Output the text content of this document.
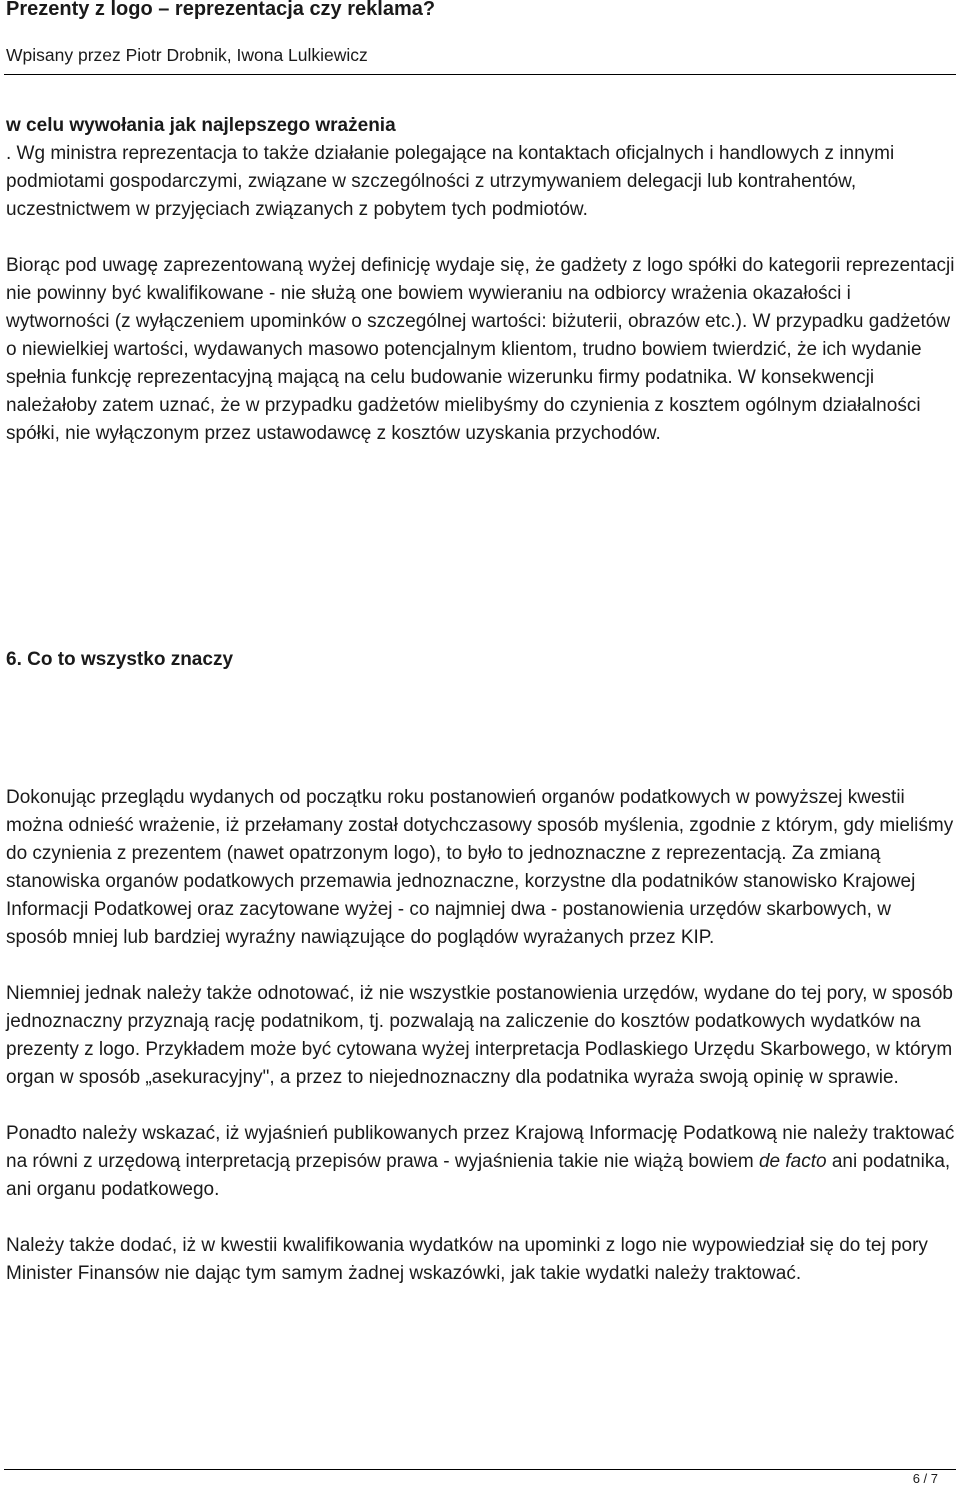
Prezenty z logo – reprezentacja czy reklama?
Wpisany przez Piotr Drobnik, Iwona Lulkiewicz

w celu wywołania jak najlepszego wrażenia

. Wg ministra reprezentacja to także działanie polegające na kontaktach oficjalnych i handlowych z innymi podmiotami gospodarczymi, związane w szczególności z utrzymywaniem delegacji lub kontrahentów, uczestnictwem w przyjęciach związanych z pobytem tych podmiotów.

Biorąc pod uwagę zaprezentowaną wyżej definicję wydaje się, że gadżety z logo spółki do kategorii reprezentacji nie powinny być kwalifikowane - nie służą one bowiem wywieraniu na odbiorcy wrażenia okazałości i wytworności (z wyłączeniem upominków o szczególnej wartości: biżuterii, obrazów etc.). W przypadku gadżetów o niewielkiej wartości, wydawanych masowo potencjalnym klientom, trudno bowiem twierdzić, że ich wydanie spełnia funkcję reprezentacyjną mającą na celu budowanie wizerunku firmy podatnika. W konsekwencji należałoby zatem uznać, że w przypadku gadżetów mielibyśmy do czynienia z kosztem ogólnym działalności spółki, nie wyłączonym przez ustawodawcę z kosztów uzyskania przychodów.

6. Co to wszystko znaczy

Dokonując przeglądu wydanych od początku roku postanowień organów podatkowych w powyższej kwestii można odnieść wrażenie, iż przełamany został dotychczasowy sposób myślenia, zgodnie z którym, gdy mieliśmy do czynienia z prezentem (nawet opatrzonym logo), to było to jednoznaczne z reprezentacją. Za zmianą stanowiska organów podatkowych przemawia jednoznaczne, korzystne dla podatników stanowisko Krajowej Informacji Podatkowej oraz zacytowane wyżej - co najmniej dwa - postanowienia urzędów skarbowych, w sposób mniej lub bardziej wyraźny nawiązujące do poglądów wyrażanych przez KIP.

Niemniej jednak należy także odnotować, iż nie wszystkie postanowienia urzędów, wydane do tej pory, w sposób jednoznaczny przyznają rację podatnikom, tj. pozwalają na zaliczenie do kosztów podatkowych wydatków na prezenty z logo. Przykładem może być cytowana wyżej interpretacja Podlaskiego Urzędu Skarbowego, w którym organ w sposób „asekuracyjny", a przez to niejednoznaczny dla podatnika wyraża swoją opinię w sprawie.

Ponadto należy wskazać, iż wyjaśnień publikowanych przez Krajową Informację Podatkową nie należy traktować na równi z urzędową interpretacją przepisów prawa - wyjaśnienia takie nie wiążą bowiem de facto ani podatnika, ani organu podatkowego.

Należy także dodać, iż w kwestii kwalifikowania wydatków na upominki z logo nie wypowiedział się do tej pory Minister Finansów nie dając tym samym żadnej wskazówki, jak takie wydatki należy traktować.

6 / 7
